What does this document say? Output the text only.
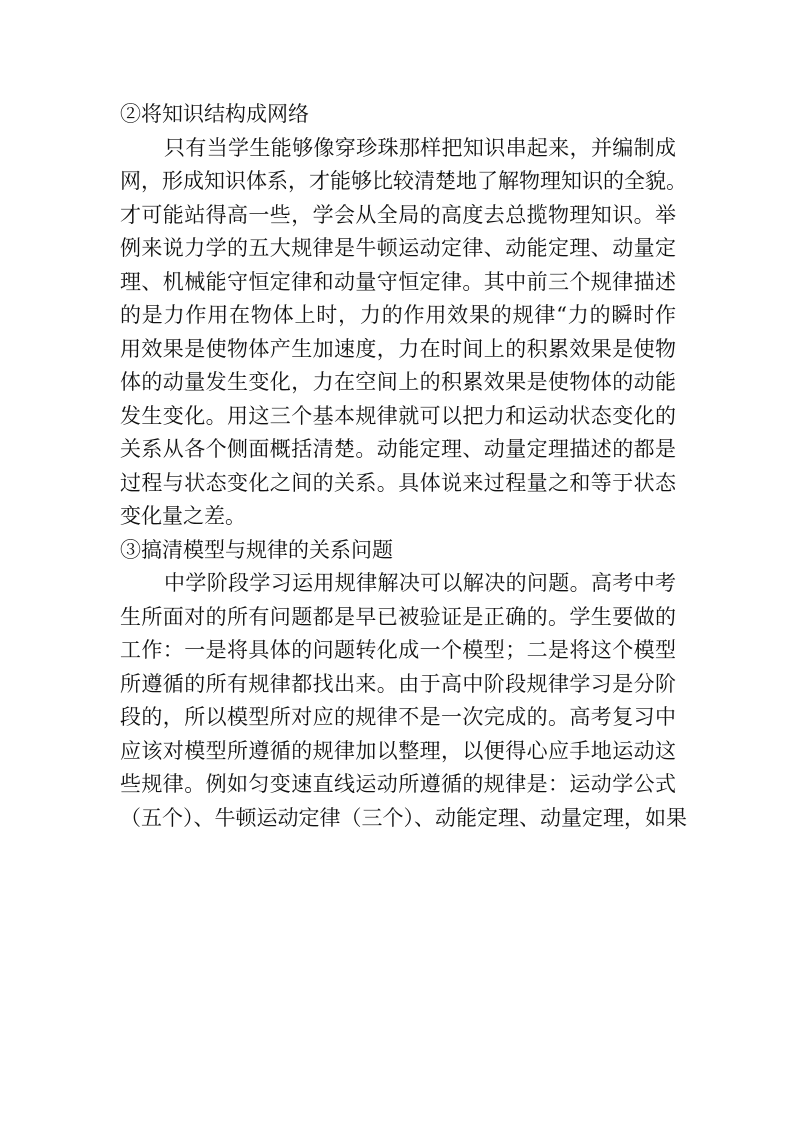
②将知识结构成网络
只有当学生能够像穿珍珠那样把知识串起来，并编制成
网，形成知识体系，才能够比较清楚地了解物理知识的全貌。
才可能站得高一些，学会从全局的高度去总揽物理知识。举
例来说力学的五大规律是牛顿运动定律、动能定理、动量定
理、机械能守恒定律和动量守恒定律。其中前三个规律描述
的是力作用在物体上时，力的作用效果的规律“力的瞬时作
用效果是使物体产生加速度，力在时间上的积累效果是使物
体的动量发生变化，力在空间上的积累效果是使物体的动能
发生变化。用这三个基本规律就可以把力和运动状态变化的
关系从各个侧面概括清楚。动能定理、动量定理描述的都是
过程与状态变化之间的关系。具体说来过程量之和等于状态
变化量之差。
③搞清模型与规律的关系问题
中学阶段学习运用规律解决可以解决的问题。高考中考
生所面对的所有问题都是早已被验证是正确的。学生要做的
工作：一是将具体的问题转化成一个模型；二是将这个模型
所遵循的所有规律都找出来。由于高中阶段规律学习是分阶
段的，所以模型所对应的规律不是一次完成的。高考复习中
应该对模型所遵循的规律加以整理，以便得心应手地运动这
些规律。例如匀变速直线运动所遵循的规律是：运动学公式
（五个）、牛顿运动定律（三个）、动能定理、动量定理，如果
